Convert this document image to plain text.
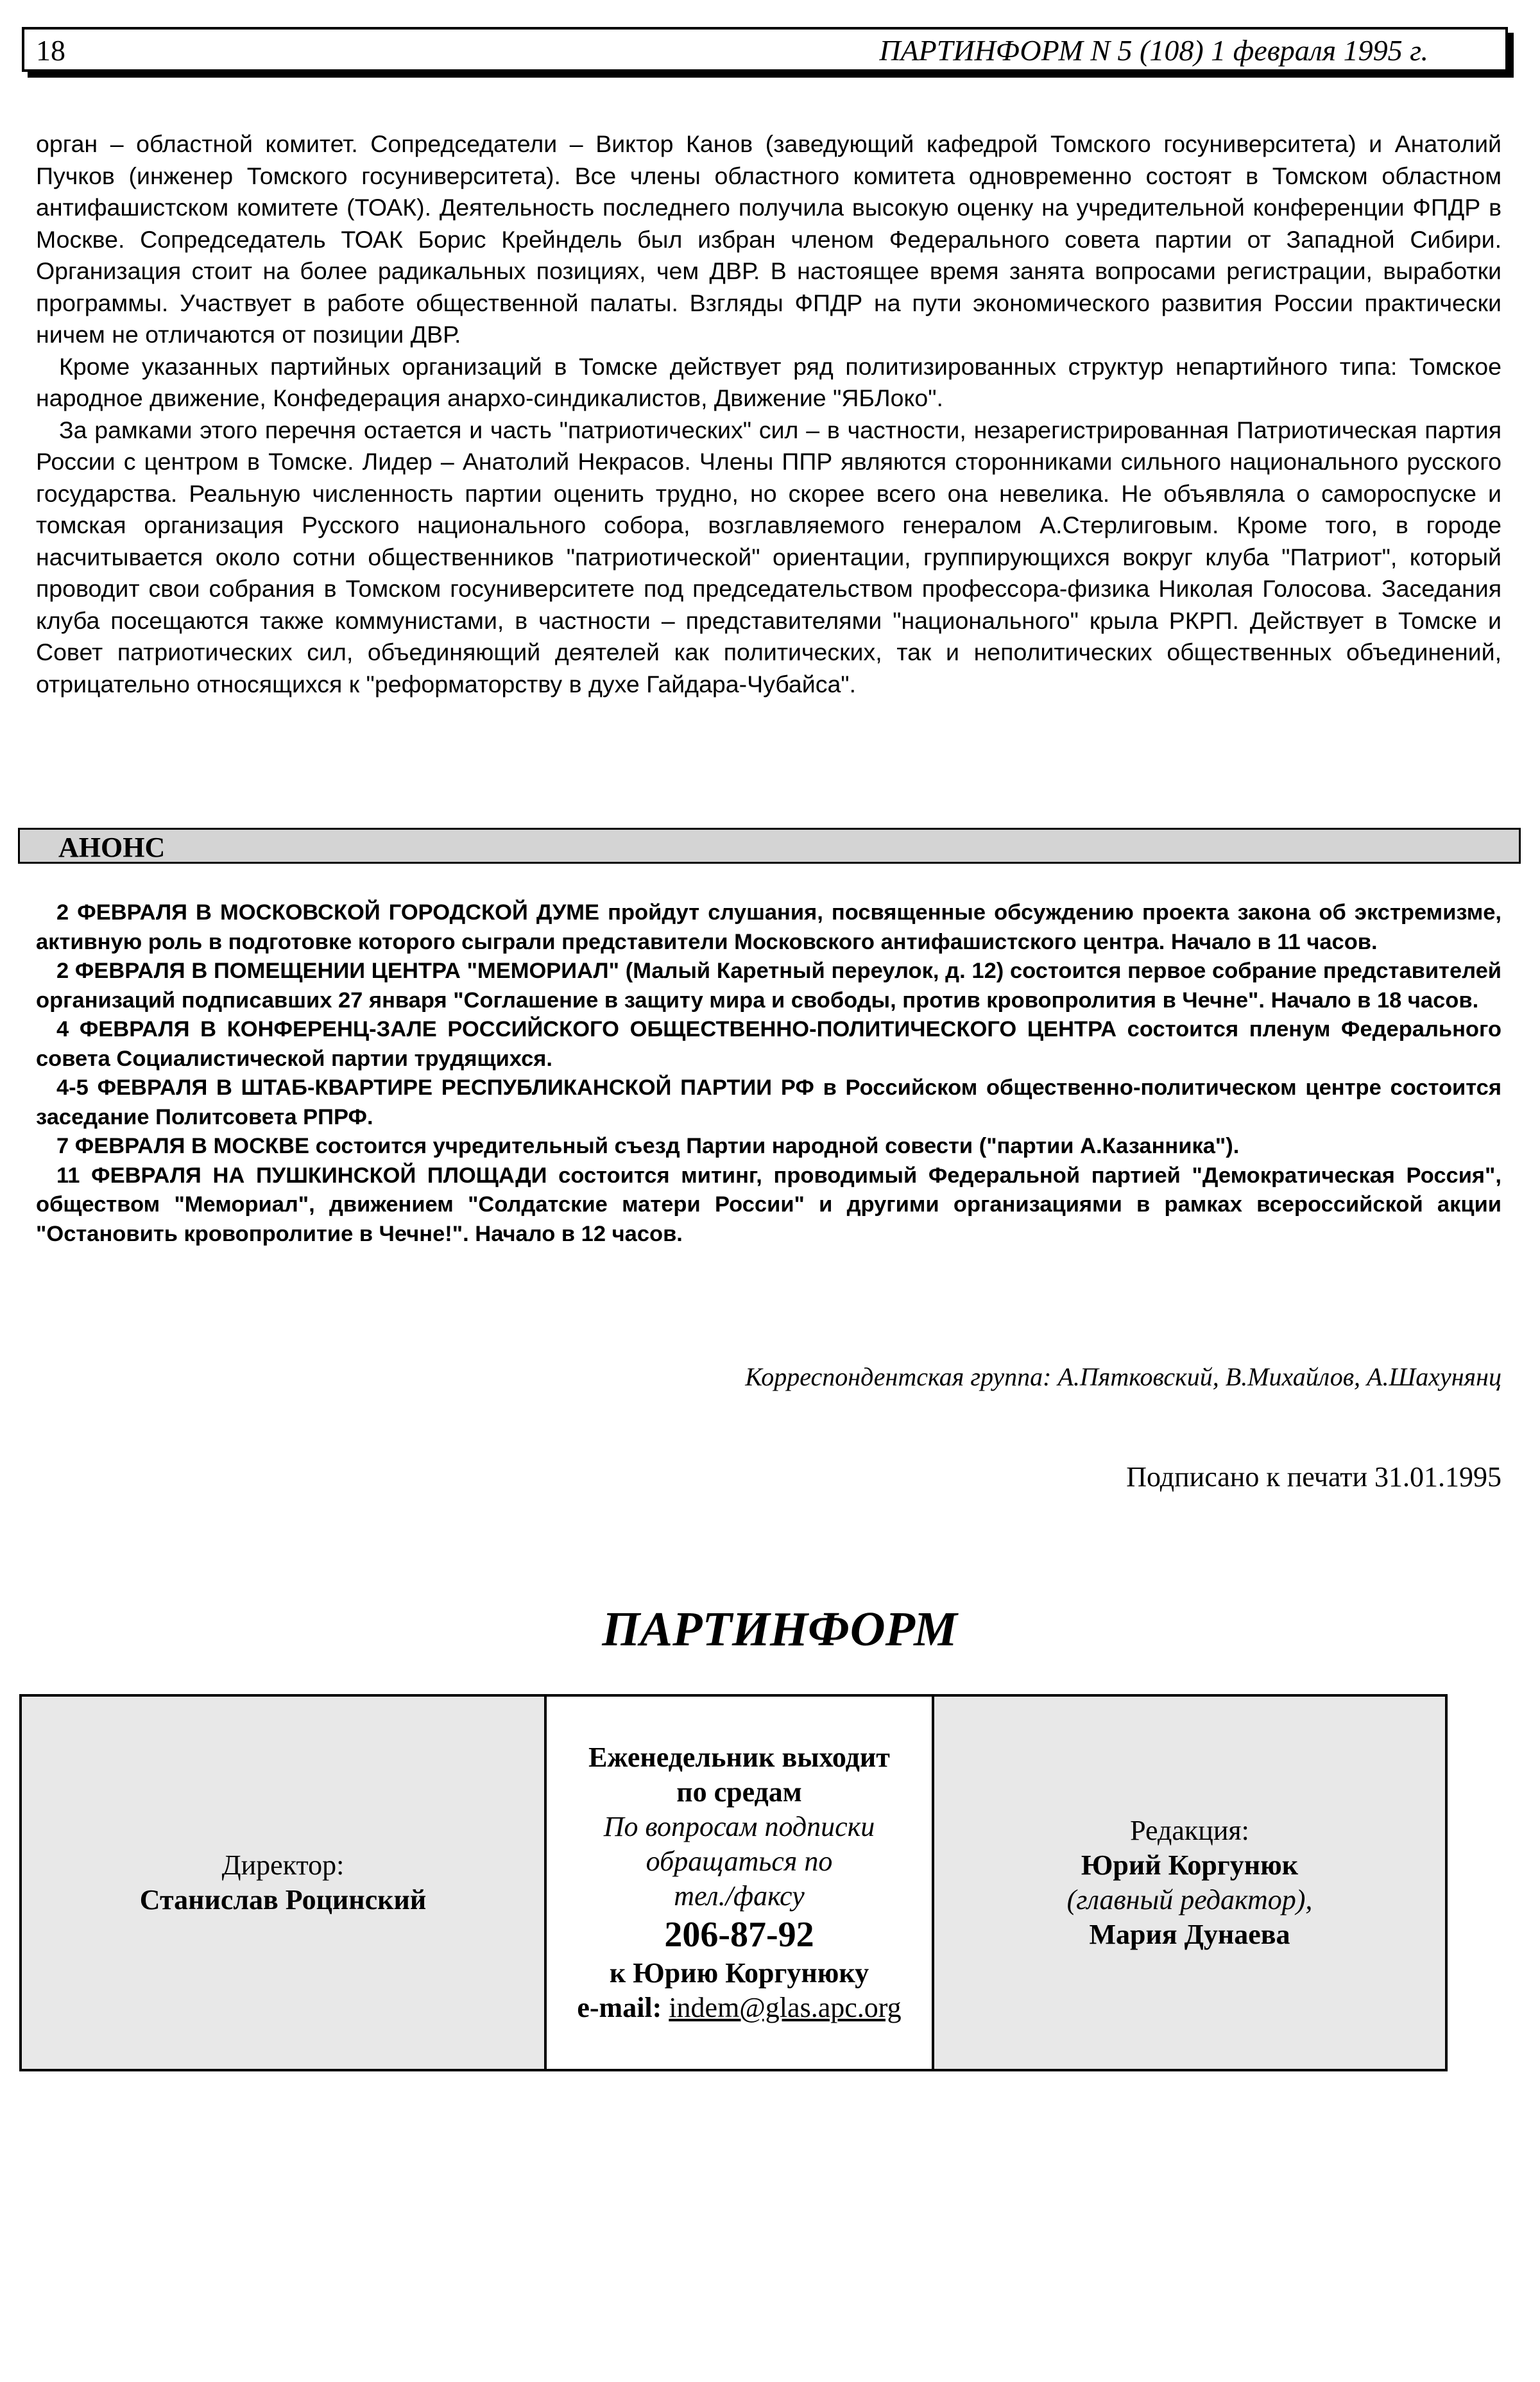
18	ПАРТИНФОРМ N 5 (108) 1 февраля 1995 г.

орган – областной комитет. Сопредседатели – Виктор Канов (заведующий кафедрой Томского госуниверситета) и Анатолий Пучков (инженер Томского госуниверситета). Все члены областного комитета одновременно состоят в Томском областном антифашистском комитете (ТОАК). Деятельность последнего получила высокую оценку на учредительной конференции ФПДР в Москве. Сопредседатель ТОАК Борис Крейндель был избран членом Федерального совета партии от Западной Сибири. Организация стоит на более радикальных позициях, чем ДВР. В настоящее время занята вопросами регистрации, выработки программы. Участвует в работе общественной палаты. Взгляды ФПДР на пути экономического развития России практически ничем не отличаются от позиции ДВР.

Кроме указанных партийных организаций в Томске действует ряд политизированных структур непартийного типа: Томское народное движение, Конфедерация анархо-синдикалистов, Движение "ЯБЛоко".

За рамками этого перечня остается и часть "патриотических" сил – в частности, незарегистрированная Патриотическая партия России с центром в Томске. Лидер – Анатолий Некрасов. Члены ППР являются сторонниками сильного национального русского государства. Реальную численность партии оценить трудно, но скорее всего она невелика. Не объявляла о самороспуске и томская организация Русского национального собора, возглавляемого генералом А.Стерлиговым. Кроме того, в городе насчитывается около сотни общественников "патриотической" ориентации, группирующихся вокруг клуба "Патриот", который проводит свои собрания в Томском госуниверситете под председательством профессора-физика Николая Голосова. Заседания клуба посещаются также коммунистами, в частности – представителями "национального" крыла РКРП. Действует в Томске и Совет патриотических сил, объединяющий деятелей как политических, так и неполитических общественных объединений, отрицательно относящихся к "реформаторству в духе Гайдара-Чубайса".

АНОНС

2 ФЕВРАЛЯ В МОСКОВСКОЙ ГОРОДСКОЙ ДУМЕ пройдут слушания, посвященные обсуждению проекта закона об экстремизме, активную роль в подготовке которого сыграли представители Московского антифашистского центра. Начало в 11 часов.

2 ФЕВРАЛЯ В ПОМЕЩЕНИИ ЦЕНТРА "МЕМОРИАЛ" (Малый Каретный переулок, д. 12) состоится первое собрание представителей организаций подписавших 27 января "Соглашение в защиту мира и свободы, против кровопролития в Чечне". Начало в 18 часов.

4 ФЕВРАЛЯ В КОНФЕРЕНЦ-ЗАЛЕ РОССИЙСКОГО ОБЩЕСТВЕННО-ПОЛИТИЧЕСКОГО ЦЕНТРА состоится пленум Федерального совета Социалистической партии трудящихся.

4-5 ФЕВРАЛЯ В ШТАБ-КВАРТИРЕ РЕСПУБЛИКАНСКОЙ ПАРТИИ РФ в Российском общественно-политическом центре состоится заседание Политсовета РПРФ.

7 ФЕВРАЛЯ В МОСКВЕ состоится учредительный съезд Партии народной совести ("партии А.Казанника").

11 ФЕВРАЛЯ НА ПУШКИНСКОЙ ПЛОЩАДИ состоится митинг, проводимый Федеральной партией "Демократическая Россия", обществом "Мемориал", движением "Солдатские матери России" и другими организациями в рамках всероссийской акции "Остановить кровопролитие в Чечне!". Начало в 12 часов.

Корреспондентская группа: А.Пятковский, В.Михайлов, А.Шахунянц
Подписано к печати 31.01.1995
ПАРТИНФОРМ
Директор:
Станислав Роцинский
Еженедельник выходит
по средам
По вопросам подписки
обращаться по
тел./факсу
206-87-92
к Юрию Коргунюку
e-mail: indem@glas.apc.org
Редакция:
Юрий Коргунюк
(главный редактор),
Мария Дунаева
